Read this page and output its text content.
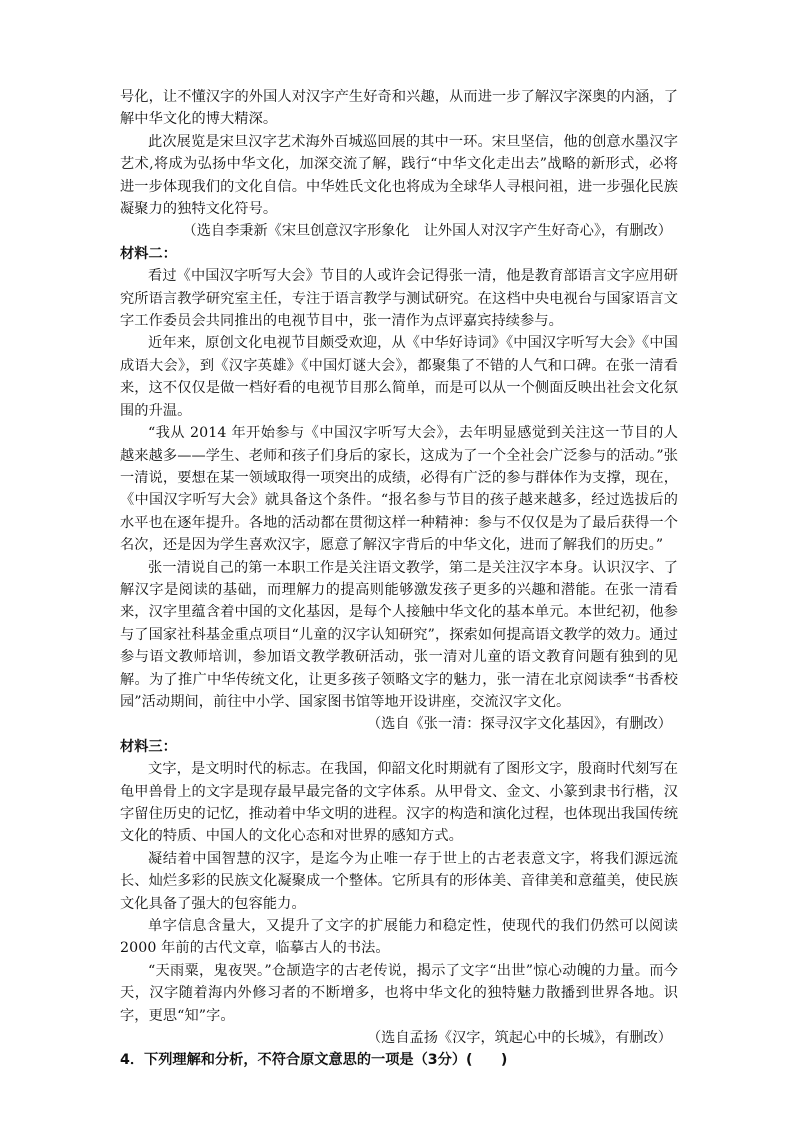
号化，让不懂汉字的外国人对汉字产生好奇和兴趣，从而进一步了解汉字深奥的内涵，了解中华文化的博大精深。

此次展览是宋旦汉字艺术海外百城巡回展的其中一环。宋旦坚信，他的创意水墨汉字艺术,将成为弘扬中华文化，加深交流了解，践行“中华文化走出去”战略的新形式，必将进一步体现我们的文化自信。中华姓氏文化也将成为全球华人寻根问祖，进一步强化民族凝聚力的独特文化符号。

（选自李秉新《宋旦创意汉字形象化　让外国人对汉字产生好奇心》，有删改）

材料二：

看过《中国汉字听写大会》节目的人或许会记得张一清，他是教育部语言文字应用研究所语言教学研究室主任，专注于语言教学与测试研究。在这档中央电视台与国家语言文字工作委员会共同推出的电视节目中，张一清作为点评嘉宾持续参与。

近年来，原创文化电视节目颇受欢迎，从《中华好诗词》《中国汉字听写大会》《中国成语大会》，到《汉字英雄》《中国灯谜大会》，都聚集了不错的人气和口碑。在张一清看来，这不仅仅是做一档好看的电视节目那么简单，而是可以从一个侧面反映出社会文化氛围的升温。

“我从 2014 年开始参与《中国汉字听写大会》，去年明显感觉到关注这一节目的人越来越多——学生、老师和孩子们身后的家长，这成为了一个全社会广泛参与的活动。”张一清说，要想在某一领域取得一项突出的成绩，必得有广泛的参与群体作为支撑，现在，《中国汉字听写大会》就具备这个条件。“报名参与节目的孩子越来越多，经过选拔后的水平也在逐年提升。各地的活动都在贯彻这样一种精神：参与不仅仅是为了最后获得一个名次，还是因为学生喜欢汉字，愿意了解汉字背后的中华文化，进而了解我们的历史。”

张一清说自己的第一本职工作是关注语文教学，第二是关注汉字本身。认识汉字、了解汉字是阅读的基础，而理解力的提高则能够激发孩子更多的兴趣和潜能。在张一清看来，汉字里蕴含着中国的文化基因，是每个人接触中华文化的基本单元。本世纪初，他参与了国家社科基金重点项目“儿童的汉字认知研究”，探索如何提高语文教学的效力。通过参与语文教师培训，参加语文教学教研活动，张一清对儿童的语文教育问题有独到的见解。为了推广中华传统文化，让更多孩子领略文字的魅力，张一清在北京阅读季“书香校园”活动期间，前往中小学、国家图书馆等地开设讲座，交流汉字文化。

（选自《张一清：探寻汉字文化基因》，有删改）

材料三：

文字，是文明时代的标志。在我国，仰韶文化时期就有了图形文字，殷商时代刻写在龟甲兽骨上的文字是现存最早最完备的文字体系。从甲骨文、金文、小篆到隶书行楷，汉字留住历史的记忆，推动着中华文明的进程。汉字的构造和演化过程，也体现出我国传统文化的特质、中国人的文化心态和对世界的感知方式。

凝结着中国智慧的汉字，是迄今为止唯一存于世上的古老表意文字，将我们源远流长、灿烂多彩的民族文化凝聚成一个整体。它所具有的形体美、音律美和意蕴美，使民族文化具备了强大的包容能力。

单字信息含量大，又提升了文字的扩展能力和稳定性，使现代的我们仍然可以阅读 2000 年前的古代文章，临摹古人的书法。

“天雨粟，鬼夜哭。”仓颉造字的古老传说，揭示了文字“出世”惊心动魄的力量。而今天，汉字随着海内外修习者的不断增多，也将中华文化的独特魅力散播到世界各地。识字，更思“知”字。

（选自孟扬《汉字，筑起心中的长城》，有删改）

4．下列理解和分析，不符合原文意思的一项是（3分）(　　)
